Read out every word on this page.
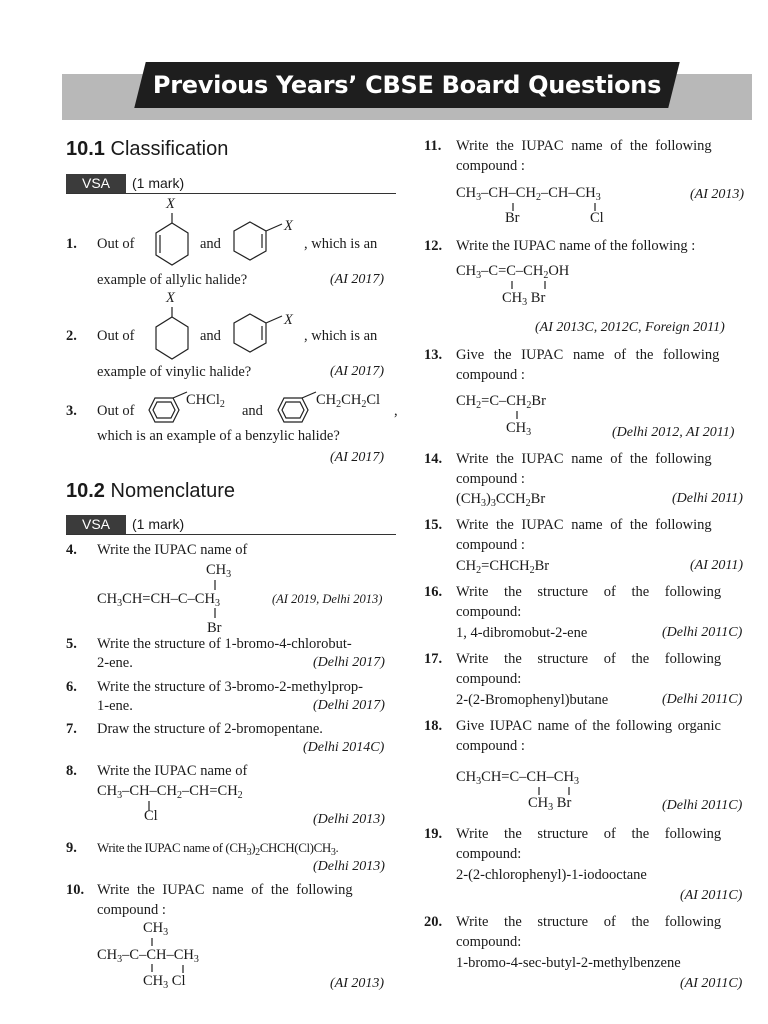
Previous Years’ CBSE Board Questions
10.1 Classification
VSA	(1 mark)
1. Out of
X
and
X
, which is an
example of allylic halide?	(AI 2017)
2. Out of
X
and
X
, which is an
example of vinylic halide?	(AI 2017)
3. Out of
CHCl$_2$ and
$CH_2CH_2Cl$
,
which is an example of a benzylic halide?
(AI 2017)
10.2 Nomenclature
VSA	(1 mark)
4. Write the IUPAC name of
$CH_3$
$CH_3CH=CH-C-CH_3$	(AI 2019, Delhi 2013)
Br
5. Write the structure of 1-bromo-4-chlorobut-
2-ene.	(Delhi 2017)
6. Write the structure of 3-bromo-2-methylprop-
1-ene.	(Delhi 2017)
7. Draw the structure of 2-bromopentane.
(Delhi 2014C)
8. Write the IUPAC name of
$CH_3-CH-CH_2-CH=CH_2$
Cl	(Delhi 2013)
9. Write the IUPAC name of $(CH_3)_2CHCH(Cl)CH_3$.
(Delhi 2013)
10. Write the IUPAC name of the following
compound :
$CH_3$
$CH_3-C-CH-CH_3$
$CH_3$ Cl	(AI 2013)
11. Write the IUPAC name of the following
compound :
$CH_3-CH-CH_2-CH-CH_3$
Br	Cl
(AI 2013)
12. Write the IUPAC name of the following :
$CH_3-C=C-CH_2OH$
$CH_3$ Br
(AI 2013C, 2012C, Foreign 2011)
13. Give the IUPAC name of the following
compound :
$CH_2=C-CH_2Br$
$CH_3$	(Delhi 2012, AI 2011)
14. Write the IUPAC name of the following
compound :
$(CH_3)_3CCH_2Br$	(Delhi 2011)
15. Write the IUPAC name of the following
compound :
$CH_2=CHCH_2Br$	(AI 2011)
16. Write the structure of the following
compound:
1, 4-dibromobut-2-ene	(Delhi 2011C)
17. Write the structure of the following
compound:
2-(2-Bromophenyl)butane	(Delhi 2011C)
18. Give IUPAC name of the following organic
compound :
$CH_3CH=C-CH-CH_3$
$CH_3$ Br	(Delhi 2011C)
19. Write the structure of the following
compound:
2-(2-chlorophenyl)-1-iodooctane
(AI 2011C)
20. Write the structure of the following
compound:
1-bromo-4-sec-butyl-2-methylbenzene
(AI 2011C)
